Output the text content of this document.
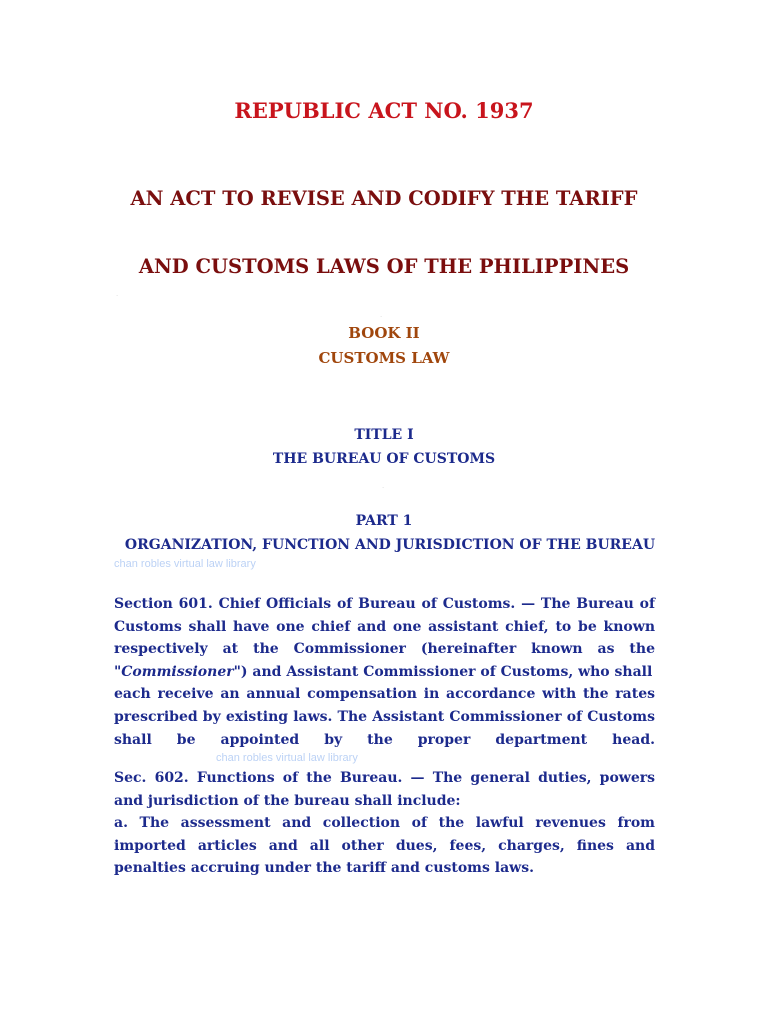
REPUBLIC ACT NO. 1937
AN ACT TO REVISE AND CODIFY THE TARIFF
AND CUSTOMS LAWS OF THE PHILIPPINES
.
.
BOOK II
CUSTOMS LAW
TITLE I
THE BUREAU OF CUSTOMS
.
PART 1
ORGANIZATION, FUNCTION AND JURISDICTION OF THE BUREAU
chan robles virtual law library
Section 601. Chief Officials of Bureau of Customs. — The Bureau of
Customs shall have one chief and one assistant chief, to be known
respectively at the Commissioner (hereinafter known as the
"Commissioner") and Assistant Commissioner of Customs, who shall
each receive an annual compensation in accordance with the rates
prescribed by existing laws. The Assistant Commissioner of Customs
shall be appointed by the proper department head.
chan robles virtual law library
Sec. 602. Functions of the Bureau. — The general duties, powers
and jurisdiction of the bureau shall include:
a. The assessment and collection of the lawful revenues from
imported articles and all other dues, fees, charges, fines and
penalties accruing under the tariff and customs laws.
